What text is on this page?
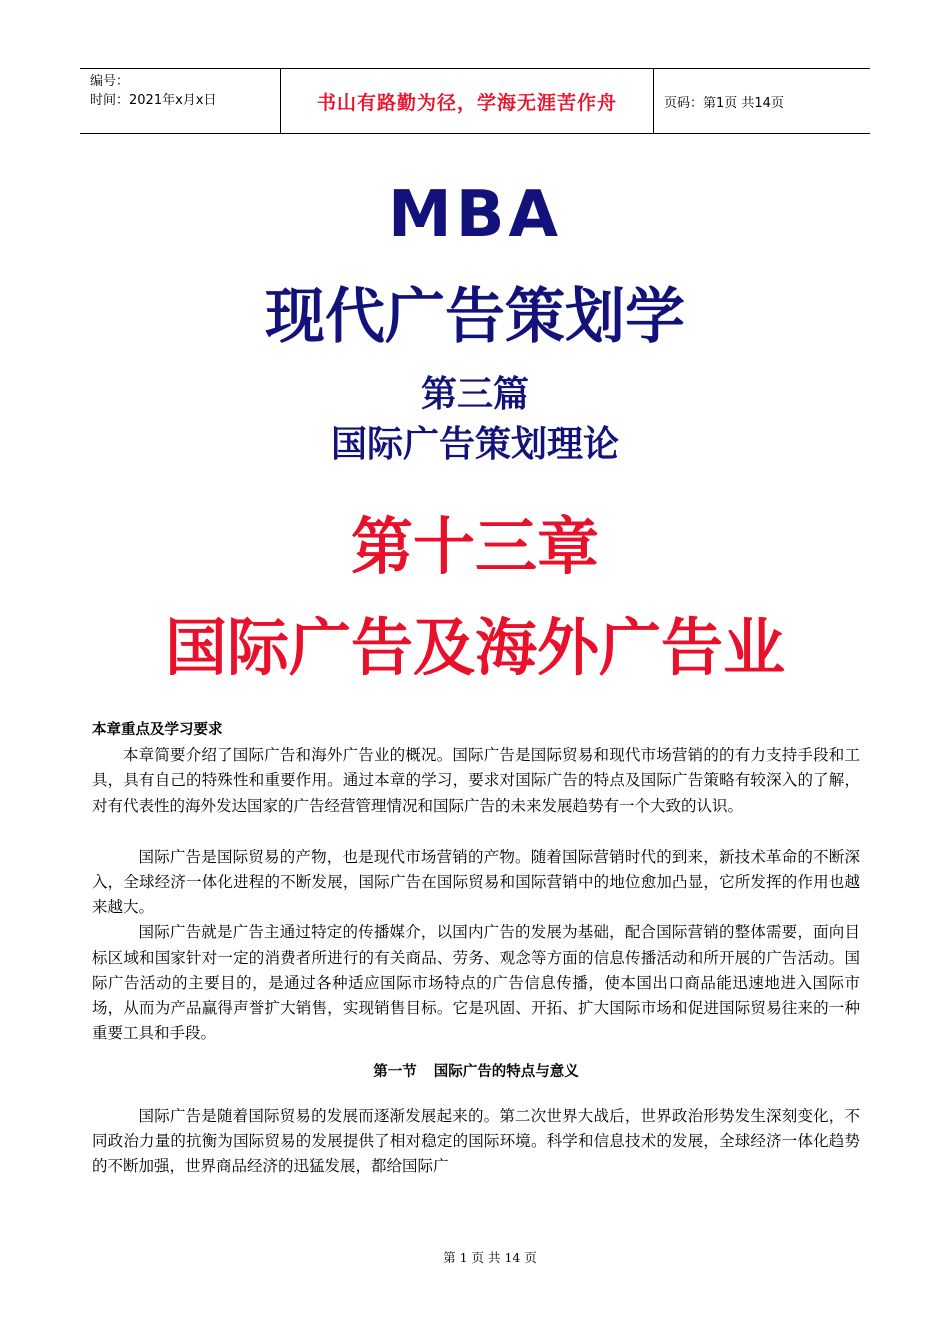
编号：
时间：2021年x月x日	书山有路勤为径，学海无涯苦作舟	页码：第1页 共14页
MBA
现代广告策划学
第三篇
国际广告策划理论
第十三章
国际广告及海外广告业

本章重点及学习要求

本章简要介绍了国际广告和海外广告业的概况。国际广告是国际贸易和现代市场营销的的有力支持手段和工具，具有自己的特殊性和重要作用。通过本章的学习，要求对国际广告的特点及国际广告策略有较深入的了解，对有代表性的海外发达国家的广告经营管理情况和国际广告的未来发展趋势有一个大致的认识。

国际广告是国际贸易的产物，也是现代市场营销的产物。随着国际营销时代的到来，新技术革命的不断深入，全球经济一体化进程的不断发展，国际广告在国际贸易和国际营销中的地位愈加凸显，它所发挥的作用也越来越大。

国际广告就是广告主通过特定的传播媒介，以国内广告的发展为基础，配合国际营销的整体需要，面向目标区域和国家针对一定的消费者所进行的有关商品、劳务、观念等方面的信息传播活动和所开展的广告活动。国际广告活动的主要目的，是通过各种适应国际市场特点的广告信息传播，使本国出口商品能迅速地进入国际市场，从而为产品赢得声誉扩大销售，实现销售目标。它是巩固、开拓、扩大国际市场和促进国际贸易往来的一种重要工具和手段。

第一节 国际广告的特点与意义

国际广告是随着国际贸易的发展而逐渐发展起来的。第二次世界大战后，世界政治形势发生深刻变化，不同政治力量的抗衡为国际贸易的发展提供了相对稳定的国际环境。科学和信息技术的发展，全球经济一体化趋势的不断加强，世界商品经济的迅猛发展，都给国际广

第 1 页 共 14 页
